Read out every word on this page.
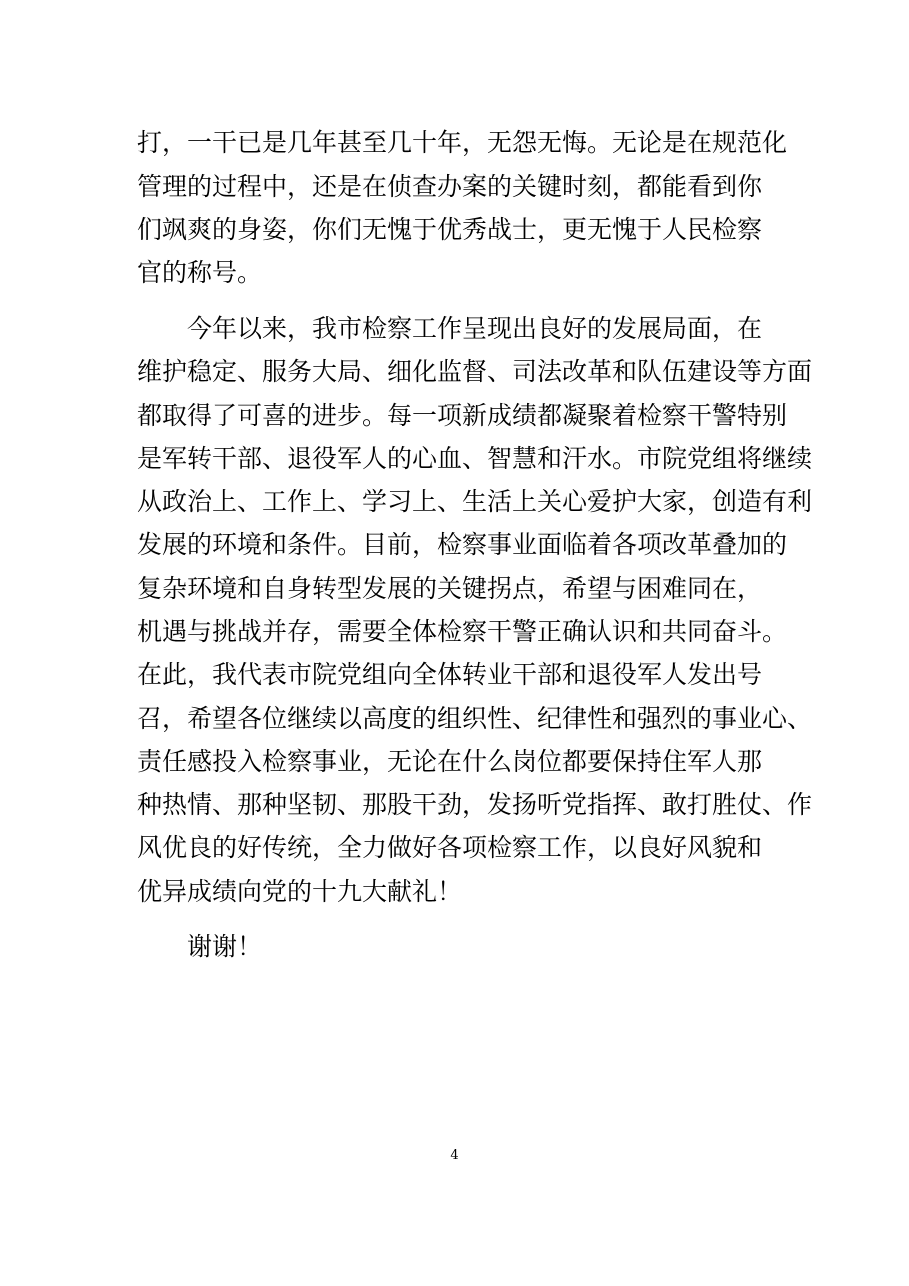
打，一干已是几年甚至几十年，无怨无悔。无论是在规范化

管理的过程中，还是在侦查办案的关键时刻，都能看到你

们飒爽的身姿，你们无愧于优秀战士，更无愧于人民检察

官的称号。

今年以来，我市检察工作呈现出良好的发展局面，在

维护稳定、服务大局、细化监督、司法改革和队伍建设等方面

都取得了可喜的进步。每一项新成绩都凝聚着检察干警特别

是军转干部、退役军人的心血、智慧和汗水。市院党组将继续

从政治上、工作上、学习上、生活上关心爱护大家，创造有利

发展的环境和条件。目前，检察事业面临着各项改革叠加的

复杂环境和自身转型发展的关键拐点，希望与困难同在，

机遇与挑战并存，需要全体检察干警正确认识和共同奋斗。

在此，我代表市院党组向全体转业干部和退役军人发出号

召，希望各位继续以高度的组织性、纪律性和强烈的事业心、

责任感投入检察事业，无论在什么岗位都要保持住军人那

种热情、那种坚韧、那股干劲，发扬听党指挥、敢打胜仗、作

风优良的好传统，全力做好各项检察工作，以良好风貌和

优异成绩向党的十九大献礼！

谢谢！

4
